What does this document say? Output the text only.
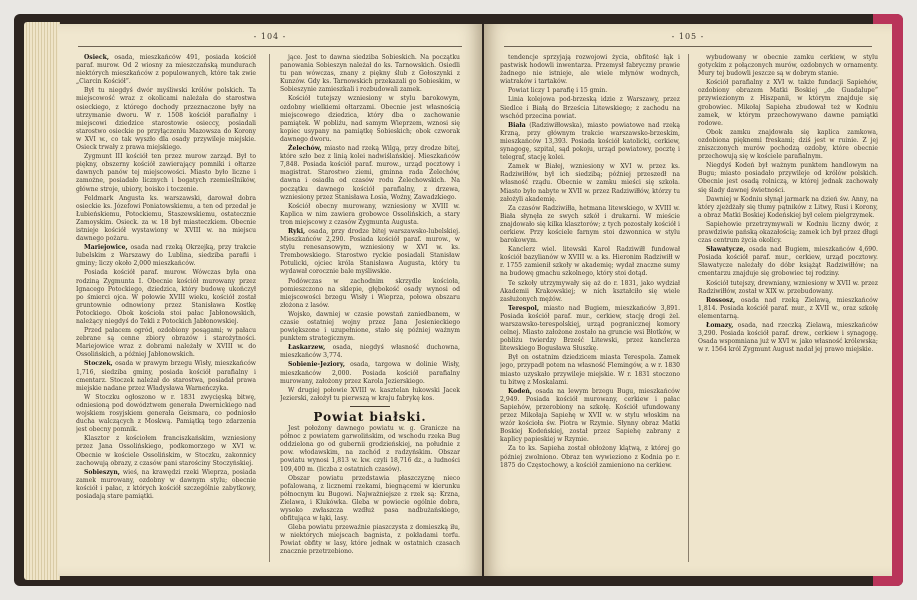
- 104 -

Osieck, osada, mieszkańców 491, posiada kościół paraf. murow. Od 2 wiosny za mieszczańską mundurach niektórych mieszkańców z populowanych, które tak zwie „Ciarcin Kościół”.

Był tu niegdyś dwór myśliwski królów polskich. Ta miejscowość wraz z okolicami należała do starostwa osieckiego, z którego dochody przeznaczone były na utrzymanie dworu. W r. 1508 kościół parafialny i miejscowi dziedzice starostowie osieccy, posiadali starostwo osieckie po przyłączeniu Mazowsza do Korony w XVI w., co tak wyszło dla osady przywileje miejskie. Osieck trwały z prawa miejskiego.

Zygmunt III kościół ten przez murow zarząd. Był to piękny, obszerny kościół zawierający pomniki i ołtarze dawnych panów tej miejscowości. Miasto było liczne i zamożne, posiadało licznych i bogatych rzemieślników, główne stroje, ubiory, boisko i toczenie.

Feldmark Angusta ks. warszawski, darował dobra osieckie ks. Józefowi Poniatowskiemu, a ten od przedał je Łubieńskiemu, Potockiemu, Staszewskiemu, ostatecznie Zamoyskim. Osieck. za w. 18 był miasteczkiem. Obecnie istnieje kościół wystawiony w XVIII w. na miejscu dawnego pożaru.

Mariejowice, osada nad rzeką Okrzejką, przy trakcie lubelskim z Warszawy do Lublina, siedziba parafii i gminy; liczy około 2,000 mieszkańców.

Posiada kościół paraf. murow. Wówczas była ona rodziną Zygmunta I. Obecnie kościół murowany przez Ignacego Potockiego, dziedzica, który budowę ukończył po śmierci ojca. W połowie XVIII wieku, kościół został gruntownie odnowiony przez Stanisława Kostkę Potockiego. Obok kościoła stoi pałac Jabłonowskich, należący niegdyś do Tekli z Potockich Jabłonowskiej.

Przed pałacem ogród, ozdobiony posągami; w pałacu zebrane są cenne zbiory obrazów i starożytności. Mariejowice wraz z dobrami należały w XVIII w. do Ossolińskich, a później Jabłonowskich.

Stoczek, osada w prawym brzegu Wisły, mieszkańców 1,716, siedziba gminy, posiada kościół parafialny i cmentarz. Stoczek należał do starostwa, posiadał prawa miejskie nadane przez Władysława Warneńczyka.

W Stoczku ogłoszono w r. 1831 zwycięską bitwę, odniesioną pod dowództwem generała Dwernickiego nad wojskiem rosyjskiem generała Geismara, co podniosło ducha walczących z Moskwą. Pamiątką tego zdarzenia jest obecny pomnik.

Klasztor z kościołem franciszkańskim, wzniesiony przez Jana Ossolińskiego, podkomorzego w XVI w. Obecnie w kościele Ossolińskim, w Stoczku, zakonnicy zachowują obrazy, z czasów pani starościny Stoczyńskiej.

Sobieszyn, wieś, na krawędzi rzeki Wieprza, posiada zamek murowany, ozdobny w dawnym stylu; obecnie kościół i pałac, z których kościół szczególnie zabytkowy, posiadają stare pamiątki.

jące. Jest to dawna siedziba Sobieskich. Na początku panowania Sobieszyn należał do ks. Tarnowskich. Osiedli tu pan wówczas, znany z piękny ślub z Gołoszynki z Kunzów. Gdy ks. Tarnowskich przekazali go Sobieskim, w Sobieszynie zamieszkali i rozbudowali zamek.

Kościół tutejszy wzniesiony w stylu barokowym, ozdobny wielkiemi ołtarzami. Obecnie jest własnością miejscowego dziedzica, który dba o zachowanie pamiątek. W pobliżu, nad samym Wieprzem, wznosi się kopiec usypany na pamiątkę Sobieskich; obok czworak dawnego dworu.

Żelechów, miasto nad rzeką Wilgą, przy drodze bitej, które szło bez z linią kolei nadwiślańskiej. Mieszkańców 7,848. Posiada kościół paraf. murow., urząd pocztowy i magistrat. Starostwo ziemi, gminna rada Żelechów, dawna i osiadła od czasów rodu Żelechowskich. Na początku dawnego kościół parafialny, z drzewa, wzniesiony przez Stanisława Łosia, Woźny, Zawadzkiego.

Kościół obecny murowany, wzniesiony w XVIII w. Kaplica w nim zawiera grobowce Ossolińskich, a stary tron miejscowy z czasów Zygmunta Augusta.

Ryki, osada, przy drodze bitej warszawsko-lubelskiej. Mieszkańców 2,290. Posiada kościół paraf. murow., w stylu renesansowym, wzniesiony w XVI w. ks. Trembowskiego. Starostwo ryckie posiadali Stanisław Potulicki, ojciec króla Stanisława Augusta, który tu wydawał corocznie bale myśliwskie.

Podówczas w zachodnim skrzydle kościoła, pomieszczono na sklepie, głębokość osady wynosi od miejscowości brzegu Wisły i Wieprza, połowa obszaru złożona z lasów.

Wojsko, dawniej w czasie powstań zaniedbanem, w czasie ostatniej wojny przez Jana Jesienieckiego powiększone i uzupełnione, stało się później ważnym punktem strategicznym.

Łaskarzew, osada, niegdyś własność duchowna, mieszkańców 3,774.

Sobienie-Jeziory, osada, targowa w dolinie Wisły, mieszkańców 2,000. Posiada kościół parafialny murowany, założony przez Karola Jezierskiego.

W drugiej połowie XVIII w. kasztelan łukowski Jacek Jezierski, założył tu pierwszą w kraju fabrykę kos.

Powiat białski.

Jest położony dawnego powiatu w. g. Granicze na północ z powiatem garwolińskim, od wschodu rzeka Bug oddzielona go od gubernii grodzieńskiej, na południe z pow. włodawskim, na zachód z radzyńskim. Obszar powiatu wynosi 1,813 w. kw. czyli 18,716 dz., a ludności 109,400 m. (liczba z ostatnich czasów).

Obszar powiatu przedstawia płaszczyznę nieco pofalowaną, z licznemi rzekami, biegnącemi w kierunku północnym ku Bugowi. Najważniejsze z rzek są: Krzna, Zielawa, i Klukówka. Gleba w powiecie ogólnie dobra, wysoko zwłaszcza wzdłuż pasa nadbużańskiego, obfitująca w łąki, lasy.

Gleba powiatu przeważnie piaszczysta z domieszką iłu, w niektórych miejscach bagnista, z pokładami torfu. Powiat obfity w lasy, które jednak w ostatnich czasach znacznie przetrzebiono.

- 105 -

tendencje sprzyjają rozwojowi życia, obfitość łąk i pastwisk hodowli inwentarza. Przemysł fabryczny prawie żadnego nie istnieje, ale wiele młynów wodnych, wiatraków i tartaków.

Powiat liczy 1 parafię i 15 gmin.

Linia kolejowa pod-brzeską idzie z Warszawy, przez Siedlce i Białą do Brześcia Litewskiego; z zachodu na wschód przecina powiat.

Biała (Radziwiłłowska), miasto powiatowe nad rzeką Krzną, przy głównym trakcie warszawsko-brzeskim, mieszkańców 13,393. Posiada kościół katolicki, cerkiew, synagogę, szpital, sąd pokoju, urząd powiatowy, pocztę i telegraf, stację kolei.

Zamek w Białej, wzniesiony w XVI w. przez ks. Radziwiłłów, był ich siedzibą; później przeszedł na własność rządu. Obecnie w zamku mieści się szkoła. Miasto było nabyte w XVII w. przez Radziwiłłów, którzy tu założyli akademię.

Za czasów Radziwiłła, hetmana litewskiego, w XVIII w. Biała słynęła ze swych szkół i drukarni. W mieście znajdowało się kilka klasztorów; z tych pozostały kościół i cerkiew. Przy kościele farnym stoi dzwonnica w stylu barokowym.

Kanclerz wiel. litewski Karol Radziwiłł fundował kościół bazylianów w XVIII w. a ks. Hieronim Radziwiłł w r. 1755 zamienił szkoły w akademię; wydał znaczne sumy na budowę gmachu szkolnego, który stoi dotąd.

Te szkoły utrzymywały się aż do r. 1831, jako wydział Akademii Krakowskiej; w nich kształciło się wiele zasłużonych mężów.

Terespol, miasto nad Bugiem, mieszkańców 3,891. Posiada kościół paraf. mur., cerkiew, stację drogi żel. warszawsko-terespolskiej, urząd pogranicznej komory celnej. Miasto założone zostało na gruncie wsi Błotków, w pobliżu twierdzy Brześć Litewski, przez kanclerza litewskiego Bogusława Słuszkę.

Był on ostatnim dziedzicem miasta Terespola. Zamek jego, przypadł potem na własność Flemingów, a w r. 1830 miasto uzyskało przywileje miejskie. W r. 1831 stoczono tu bitwę z Moskalami.

Kodeń, osada na lewym brzegu Bugu, mieszkańców 2,949. Posiada kościół murowany, cerkiew i pałac Sapiehów, przerobiony na szkołę. Kościół ufundowany przez Mikołaja Sapiehę w XVII w. w stylu włoskim na wzór kościoła św. Piotra w Rzymie. Słynny obraz Matki Boskiej Kodeńskiej, został przez Sapiehę zabrany z kaplicy papieskiej w Rzymie.

Za to ks. Sapieha został obłożony klątwą, z której go później zwolniono. Obraz ten wywieziono z Kodnia po r. 1875 do Częstochowy, a kościół zamieniono na cerkiew.

wybudowany w obecnie zamku cerkiew, w stylu gotyckim z połączonych murów, ozdobnych w ornamenty. Mury tej budowli jeszcze są w dobrym stanie.

Kościół parafialny z XVI w. także fundacji Sapiehów, ozdobiony obrazem Matki Boskiej „de Guadalupe” przywiezionym z Hiszpanii, w którym znajduje się grobowiec. Mikołaj Sapieha zbudował też w Kodniu zamek, w którym przechowywano dawne pamiątki rodowe.

Obok zamku znajdowała się kaplica zamkowa, ozdobiona pięknemi freskami; dziś jest w ruinie. Z jej zniszczonych murów pochodzą ozdoby, które obecnie przechowują się w kościele parafialnym.

Niegdyś Kodeń był ważnym punktem handlowym na Bugu; miasto posiadało przywileje od królów polskich. Obecnie jest osadą rolniczą, w której jednak zachowały się ślady dawnej świetności.

Dawniej w Kodniu słynął jarmark na dzień św. Anny, na który zjeżdżały się tłumy pątników z Litwy, Rusi i Korony, a obraz Matki Boskiej Kodeńskiej był celem pielgrzymek.

Sapiehowie przetrzymywali w Kodniu liczny dwór, z prawdziwie pańską okazałością; zamek ich był przez długi czas centrum życia okolicy.

Sławatycze, osada nad Bugiem, mieszkańców 4,690. Posiada kościół paraf. mur., cerkiew, urząd pocztowy. Sławatycze należały do dóbr książąt Radziwiłłów; na cmentarzu znajduje się grobowiec tej rodziny.

Kościół tutejszy, drewniany, wzniesiony w XVII w. przez Radziwiłłów, został w XIX w. przebudowany.

Rossosz, osada nad rzeką Zielawą, mieszkańców 1,814. Posiada kościół paraf. mur., z XVII w., oraz szkołę elementarną.

Łomazy, osada, nad rzeczką Zielawą, mieszkańców 3,290. Posiada kościół paraf. drew., cerkiew i synagogę. Osada wspomniana już w XVI w. jako własność królewska; w r. 1564 król Zygmunt August nadał jej prawo miejskie.
